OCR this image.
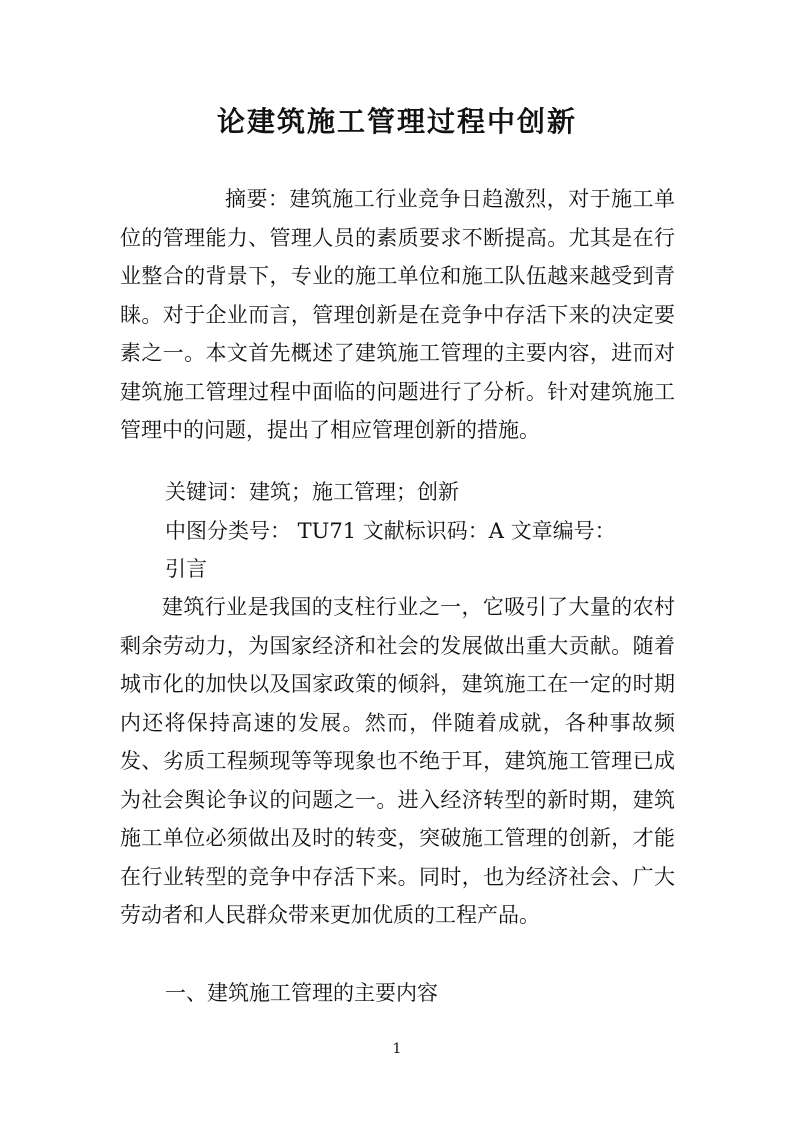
论建筑施工管理过程中创新

摘要：建筑施工行业竞争日趋激烈，对于施工单位的管理能力、管理人员的素质要求不断提高。尤其是在行业整合的背景下，专业的施工单位和施工队伍越来越受到青睐。对于企业而言，管理创新是在竞争中存活下来的决定要素之一。本文首先概述了建筑施工管理的主要内容，进而对建筑施工管理过程中面临的问题进行了分析。针对建筑施工管理中的问题，提出了相应管理创新的措施。

关键词：建筑；施工管理；创新

中图分类号： TU71 文献标识码：A 文章编号：

引言

建筑行业是我国的支柱行业之一，它吸引了大量的农村剩余劳动力，为国家经济和社会的发展做出重大贡献。随着城市化的加快以及国家政策的倾斜，建筑施工在一定的时期内还将保持高速的发展。然而，伴随着成就，各种事故频发、劣质工程频现等等现象也不绝于耳，建筑施工管理已成为社会舆论争议的问题之一。进入经济转型的新时期，建筑施工单位必须做出及时的转变，突破施工管理的创新，才能在行业转型的竞争中存活下来。同时，也为经济社会、广大劳动者和人民群众带来更加优质的工程产品。

一、建筑施工管理的主要内容

1
